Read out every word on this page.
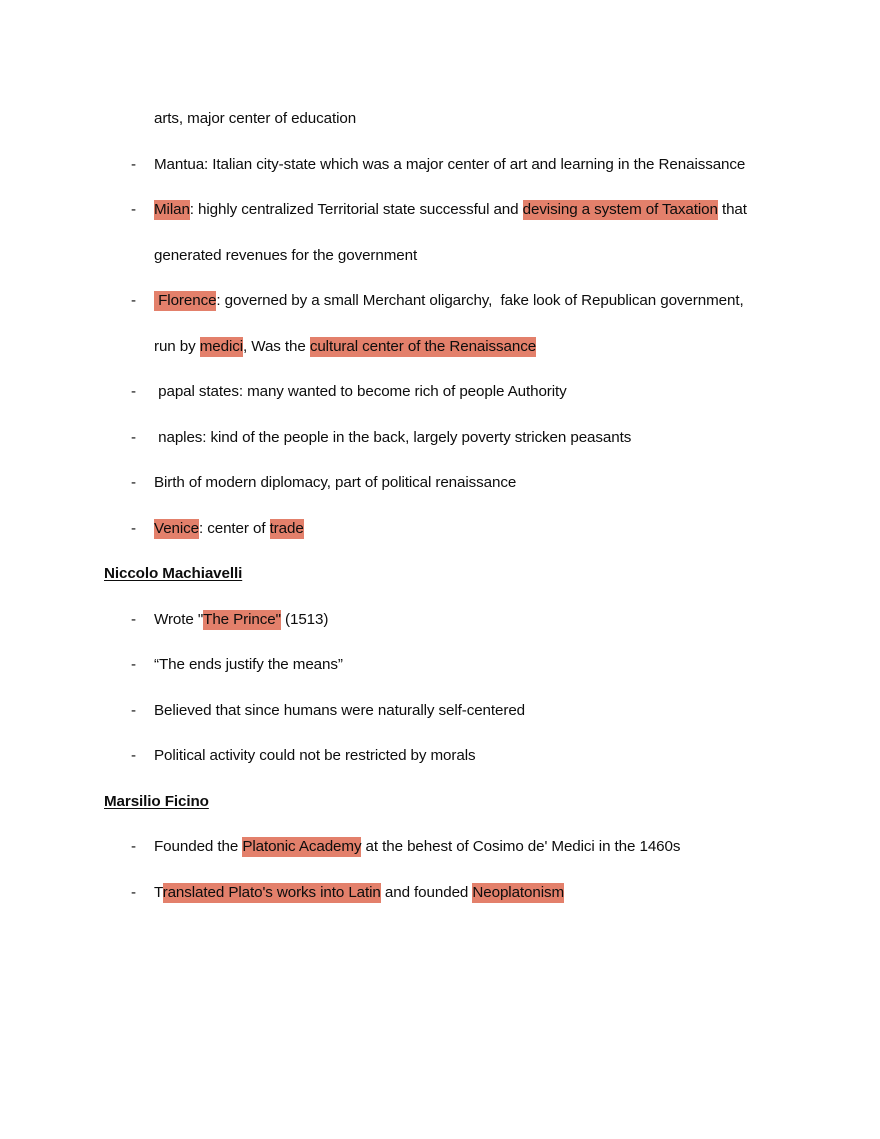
arts, major center of education
- Mantua: Italian city-state which was a major center of art and learning in the Renaissance
- Milan: highly centralized Territorial state successful and devising a system of Taxation that generated revenues for the government
- Florence: governed by a small Merchant oligarchy,  fake look of Republican government, run by medici, Was the cultural center of the Renaissance
- papal states: many wanted to become rich of people Authority
- naples: kind of the people in the back, largely poverty stricken peasants
- Birth of modern diplomacy, part of political renaissance
- Venice: center of trade
Niccolo Machiavelli
- Wrote "The Prince" (1513)
- “The ends justify the means”
- Believed that since humans were naturally self-centered
- Political activity could not be restricted by morals
Marsilio Ficino
- Founded the Platonic Academy at the behest of Cosimo de' Medici in the 1460s
- Translated Plato's works into Latin and founded Neoplatonism
